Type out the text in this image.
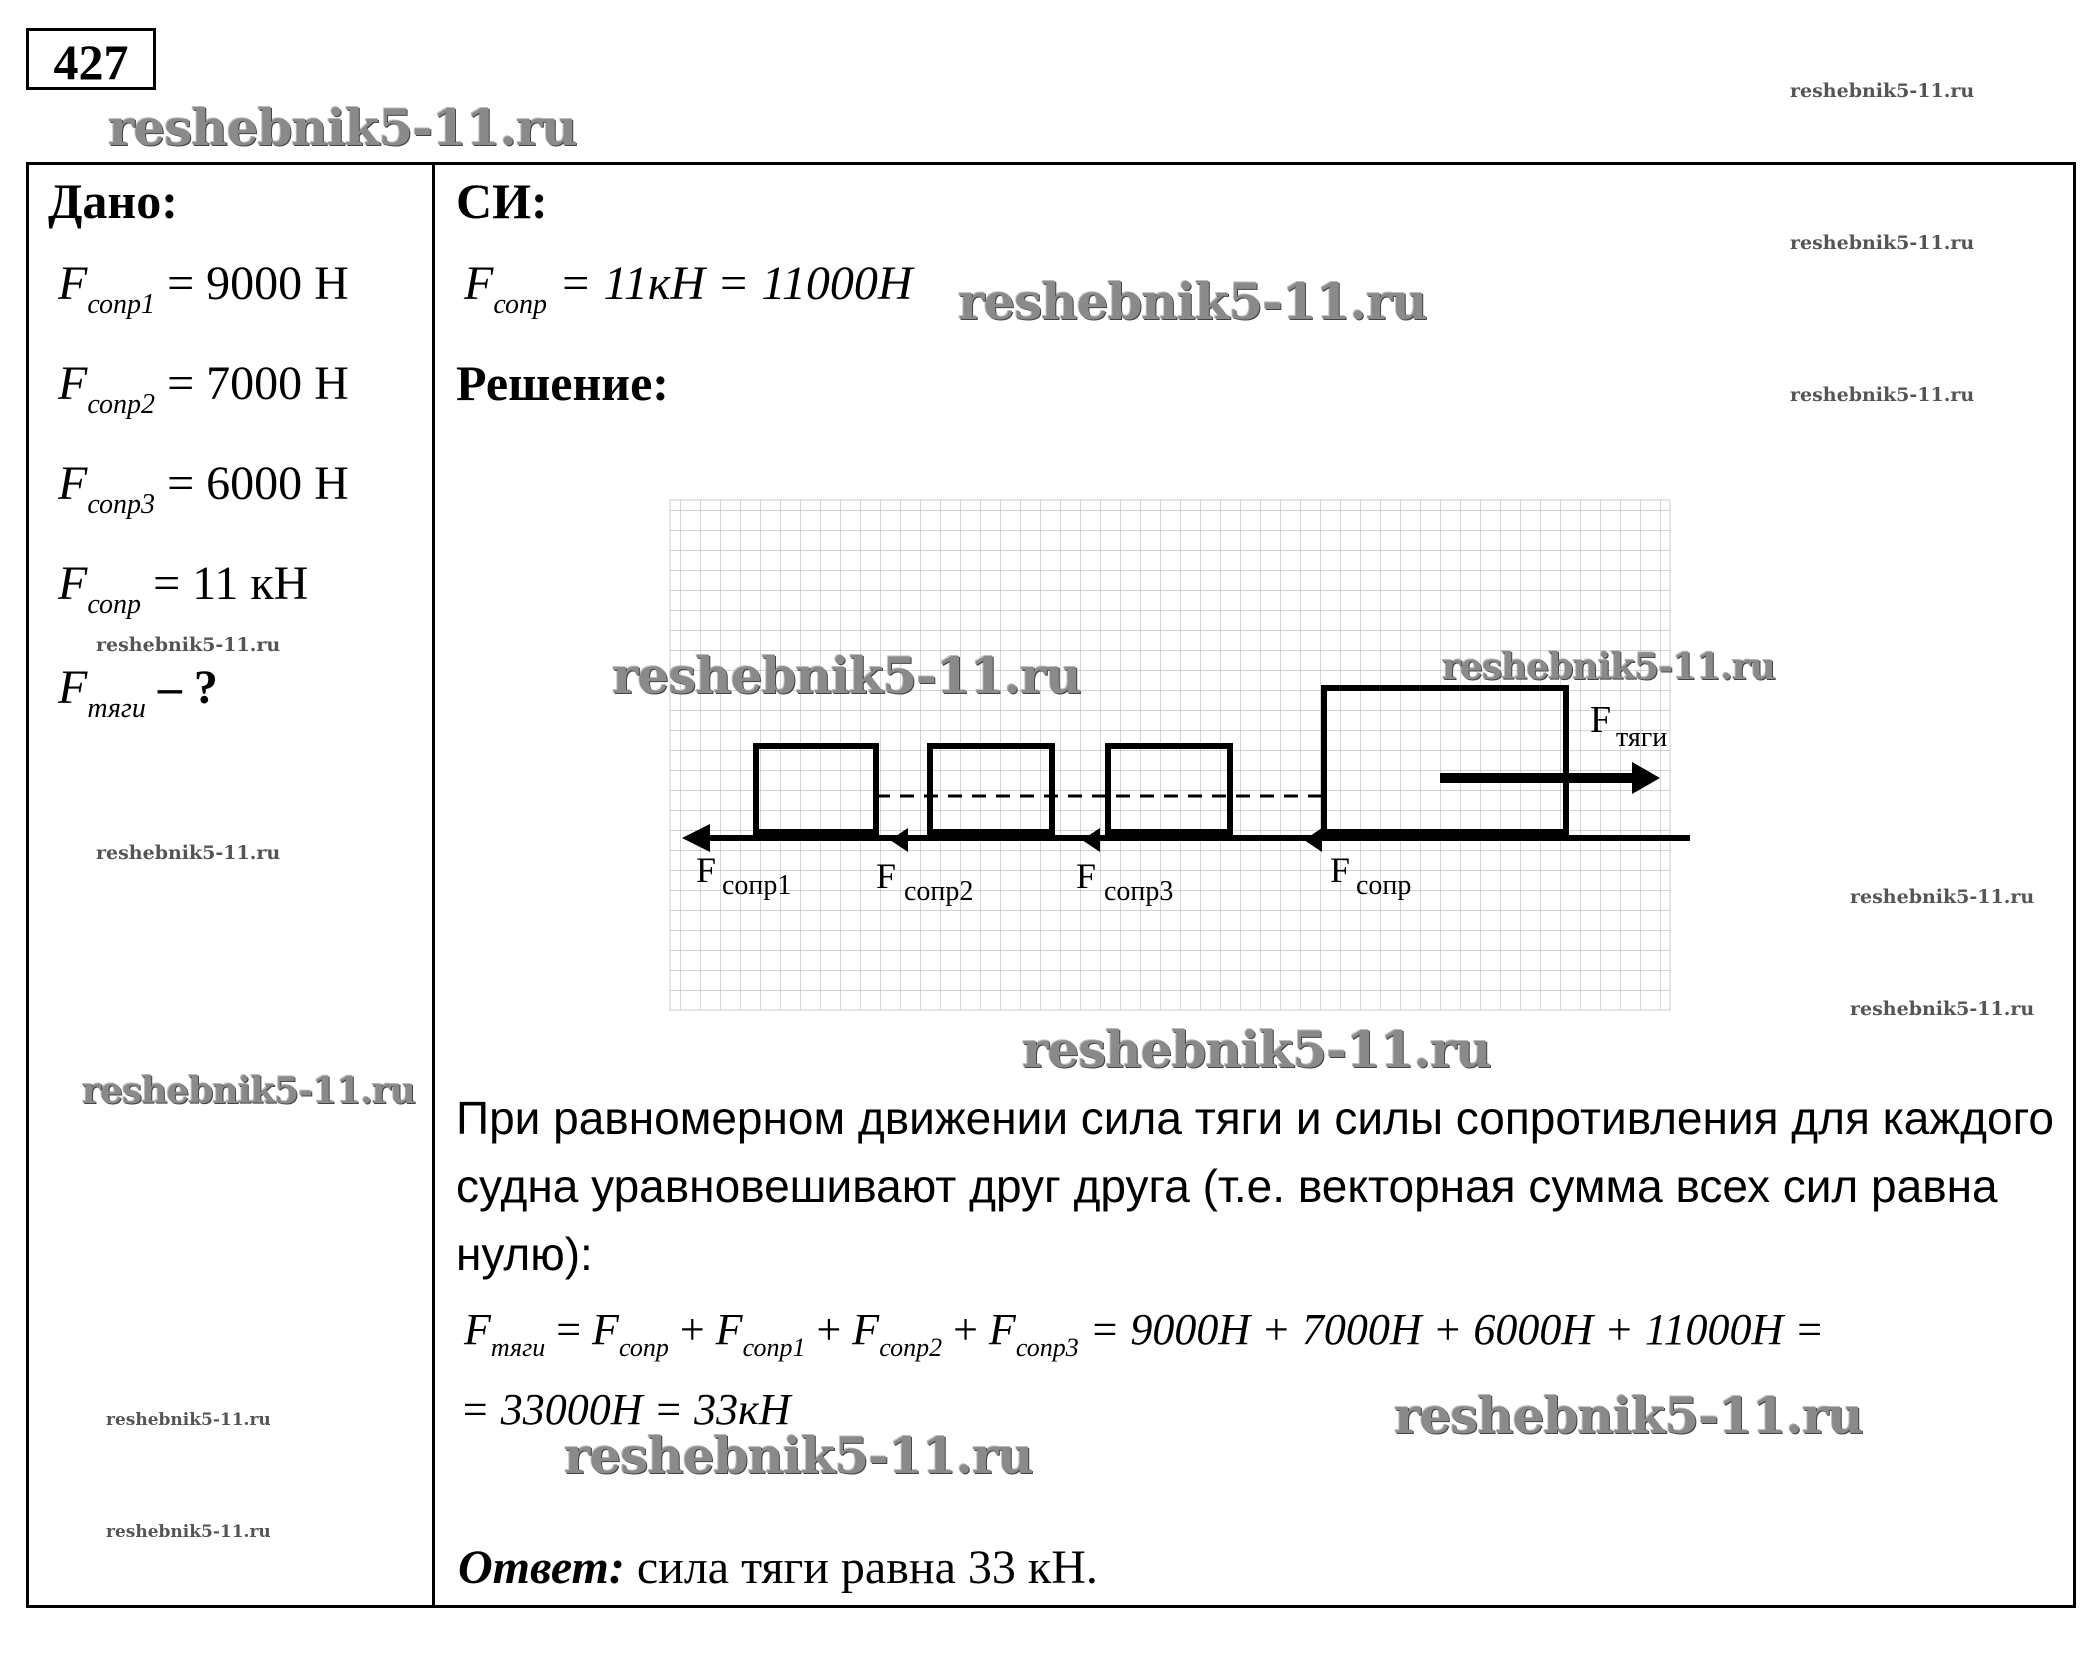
427
reshebnik5-11.ru
reshebnik5-11.ru
reshebnik5-11.ru
reshebnik5-11.ru
reshebnik5-11.ru
reshebnik5-11.ru
reshebnik5-11.ru
reshebnik5-11.ru
reshebnik5-11.ru
reshebnik5-11.ru
reshebnik5-11.ru
Дано:
$F_{сопр1} = 9000$ Н
$F_{сопр2} = 7000$ Н
$F_{сопр3} = 6000$ Н
$F_{сопр} = 11$ кН
$F_{тяги}$ – ?
СИ:
$F_{сопр} = 11кН = 11000Н$ reshebnik5-11.ru
Решение:
F сопр1 F сопр2	F сопр3
F сопр
F тяги
reshebnik5-11.ru	reshebnik5-11.ru
reshebnik5-11.ru
При равномерном движении сила тяги и силы сопротивления для каждого судна уравновешивают друг друга (т.е. векторная сумма всех сил равна нулю):
$F_{тяги} = F_{сопр} + F_{сопр1} + F_{сопр2} + F_{сопр3} = 9000Н + 7000Н + 6000Н + 11000Н$ =
= 33000Н = 33кН
reshebnik5-11.ru
reshebnik5-11.ru
Ответ: сила тяги равна 33 кН.
